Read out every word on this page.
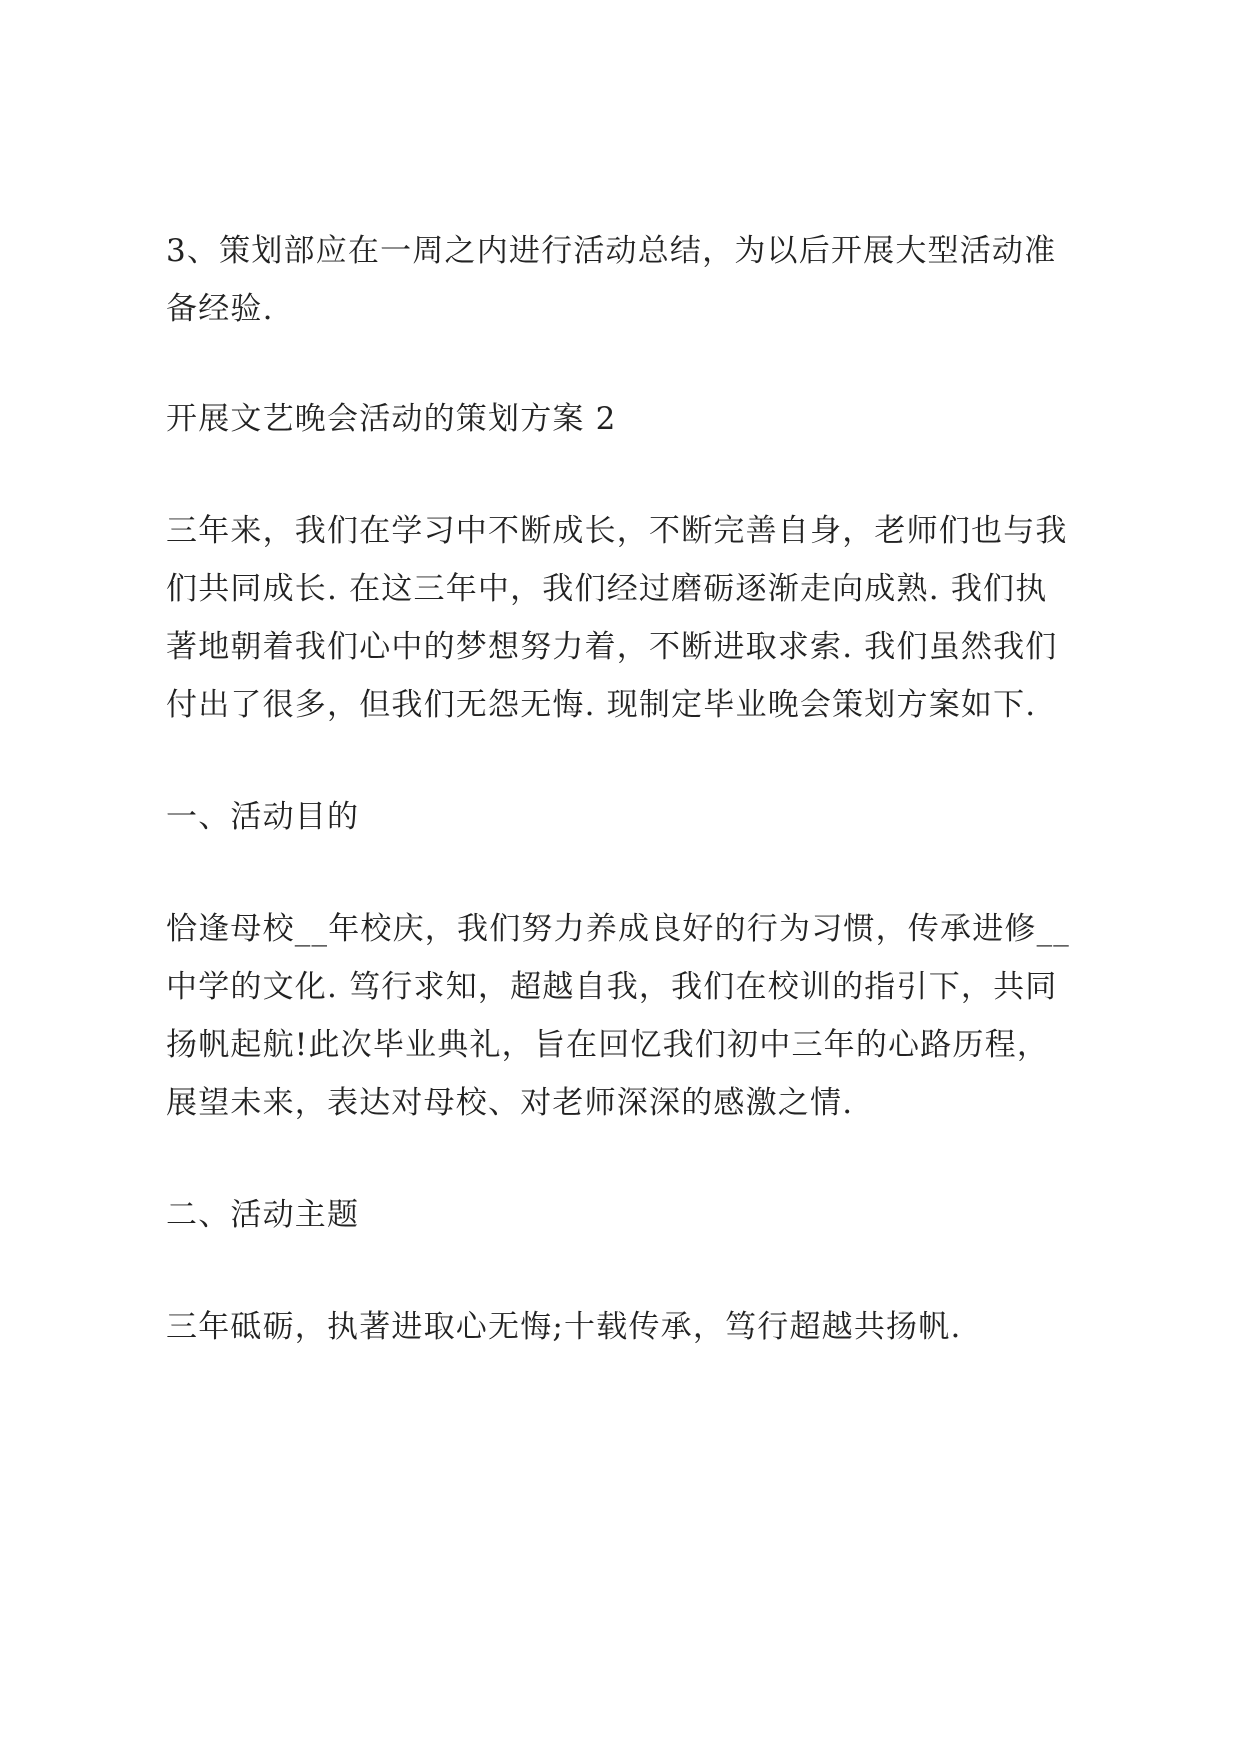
3、策划部应在一周之内进行活动总结，为以后开展大型活动准
备经验.

开展文艺晚会活动的策划方案 2

三年来，我们在学习中不断成长，不断完善自身，老师们也与我
们共同成长. 在这三年中，我们经过磨砺逐渐走向成熟. 我们执
著地朝着我们心中的梦想努力着，不断进取求索. 我们虽然我们
付出了很多，但我们无怨无悔. 现制定毕业晚会策划方案如下.

一、活动目的

恰逢母校__年校庆，我们努力养成良好的行为习惯，传承进修__
中学的文化. 笃行求知，超越自我，我们在校训的指引下，共同
扬帆起航!此次毕业典礼，旨在回忆我们初中三年的心路历程，
展望未来，表达对母校、对老师深深的感激之情.

二、活动主题

三年砥砺，执著进取心无悔;十载传承，笃行超越共扬帆.
